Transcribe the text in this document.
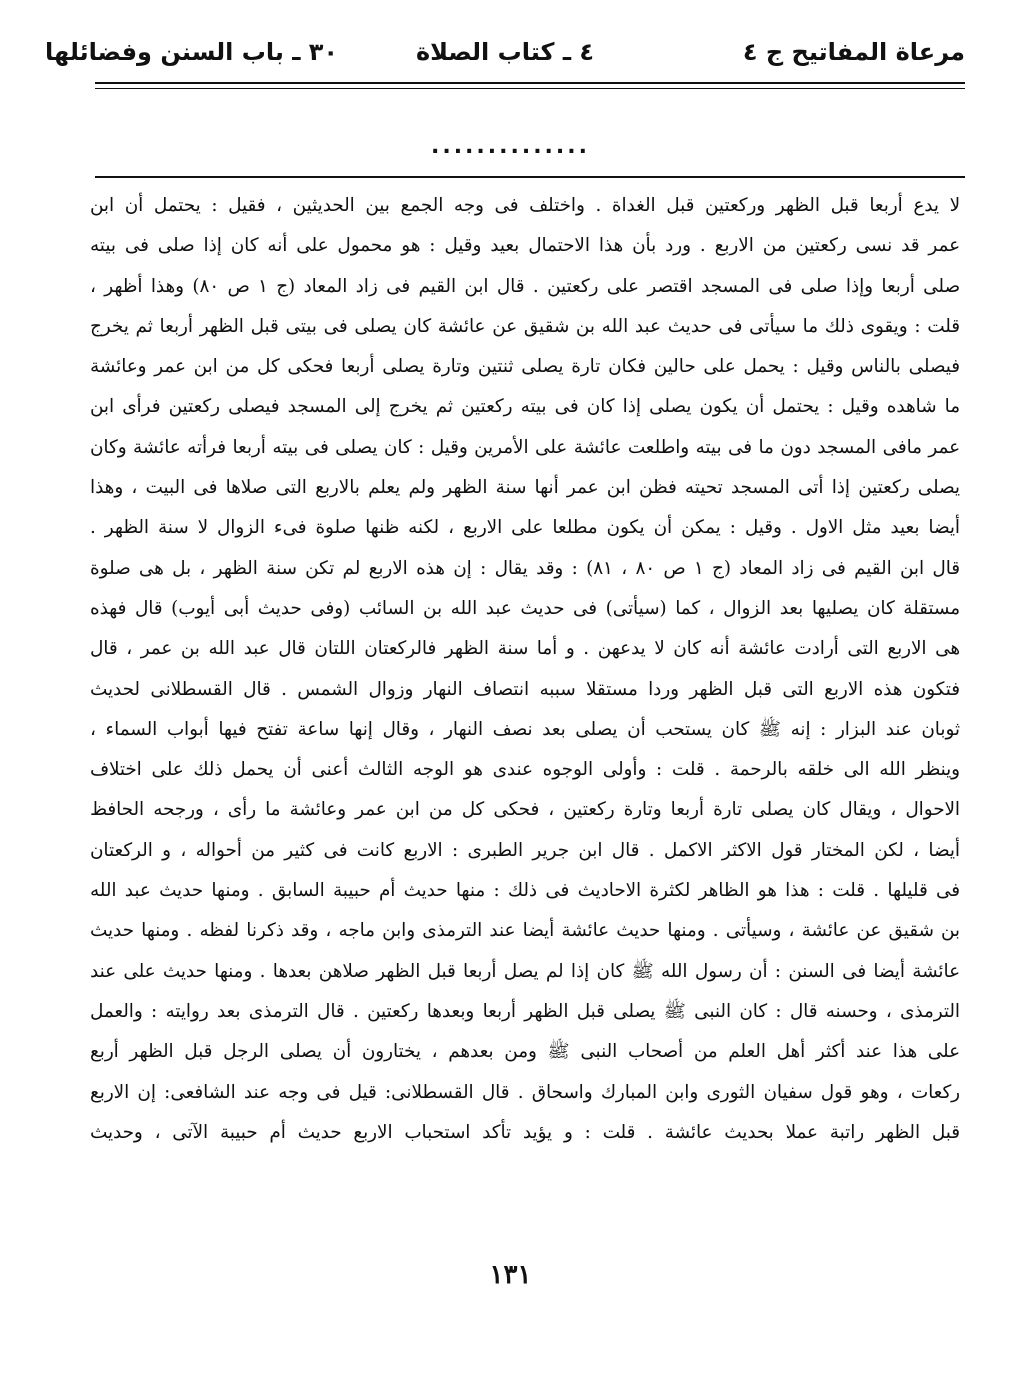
مرعاة المفاتيح ج ٤
٤ ـ كتاب الصلاة
٣٠ ـ باب السنن وفضائلها
..............
لا يدع أربعا قبل الظهر وركعتين قبل الغداة . واختلف فى وجه الجمع بين الحديثين ، فقيل : يحتمل أن ابن
عمر قد نسى ركعتين من الاربع . ورد بأن هذا الاحتمال بعيد وقيل : هو محمول على أنه كان إذا صلى فى بيته
صلى أربعا وإذا صلى فى المسجد اقتصر على ركعتين . قال ابن القيم فى زاد المعاد (ج ١ ص ٨٠) وهذا أظهر ،
قلت : ويقوى ذلك ما سيأتى فى حديث عبد الله بن شقيق عن عائشة كان يصلى فى بيتى قبل الظهر أربعا ثم يخرج
فيصلى بالناس وقيل : يحمل على حالين فكان تارة يصلى ثنتين وتارة يصلى أربعا فحكى كل من ابن عمر وعائشة
ما شاهده وقيل : يحتمل أن يكون يصلى إذا كان فى بيته ركعتين ثم يخرج إلى المسجد فيصلى ركعتين فرأى ابن
عمر مافى المسجد دون ما فى بيته واطلعت عائشة على الأمرين وقيل : كان يصلى فى بيته أربعا فرأته عائشة وكان
يصلى ركعتين إذا أتى المسجد تحيته فظن ابن عمر أنها سنة الظهر ولم يعلم بالاربع التى صلاها فى البيت ، وهذا
أيضا بعيد مثل الاول . وقيل : يمكن أن يكون مطلعا على الاربع ، لكنه ظنها صلوة فىء الزوال لا سنة الظهر .
قال ابن القيم فى زاد المعاد (ج ١ ص ٨٠ ، ٨١) : وقد يقال : إن هذه الاربع لم تكن سنة الظهر ، بل هى صلوة
مستقلة كان يصليها بعد الزوال ، كما (سيأتى) فى حديث عبد الله بن السائب (وفى حديث أبى أيوب) قال فهذه
هى الاربع التى أرادت عائشة أنه كان لا يدعهن . و أما سنة الظهر فالركعتان اللتان قال عبد الله بن عمر ، قال
فتكون هذه الاربع التى قبل الظهر وردا مستقلا سببه انتصاف النهار وزوال الشمس . قال القسطلانى لحديث
ثوبان عند البزار : إنه ﷺ كان يستحب أن يصلى بعد نصف النهار ، وقال إنها ساعة تفتح فيها أبواب السماء ،
وينظر الله الى خلقه بالرحمة . قلت : وأولى الوجوه عندى هو الوجه الثالث أعنى أن يحمل ذلك على اختلاف
الاحوال ، ويقال كان يصلى تارة أربعا وتارة ركعتين ، فحكى كل من ابن عمر وعائشة ما رأى ، ورجحه الحافظ
أيضا ، لكن المختار قول الاكثر الاكمل . قال ابن جرير الطبرى : الاربع كانت فى كثير من أحواله ، و الركعتان
فى قليلها . قلت : هذا هو الظاهر لكثرة الاحاديث فى ذلك : منها حديث أم حبيبة السابق . ومنها حديث عبد الله
بن شقيق عن عائشة ، وسيأتى . ومنها حديث عائشة أيضا عند الترمذى وابن ماجه ، وقد ذكرنا لفظه . ومنها حديث
عائشة أيضا فى السنن : أن رسول الله ﷺ كان إذا لم يصل أربعا قبل الظهر صلاهن بعدها . ومنها حديث على عند
الترمذى ، وحسنه قال : كان النبى ﷺ يصلى قبل الظهر أربعا وبعدها ركعتين . قال الترمذى بعد روايته : والعمل
على هذا عند أكثر أهل العلم من أصحاب النبى ﷺ ومن بعدهم ، يختارون أن يصلى الرجل قبل الظهر أربع
ركعات ، وهو قول سفيان الثورى وابن المبارك واسحاق . قال القسطلانى: قيل فى وجه عند الشافعى: إن الاربع
قبل الظهر راتبة عملا بحديث عائشة . قلت : و يؤيد تأكد استحباب الاربع حديث أم حبيبة الآتى ، وحديث
١٣١
